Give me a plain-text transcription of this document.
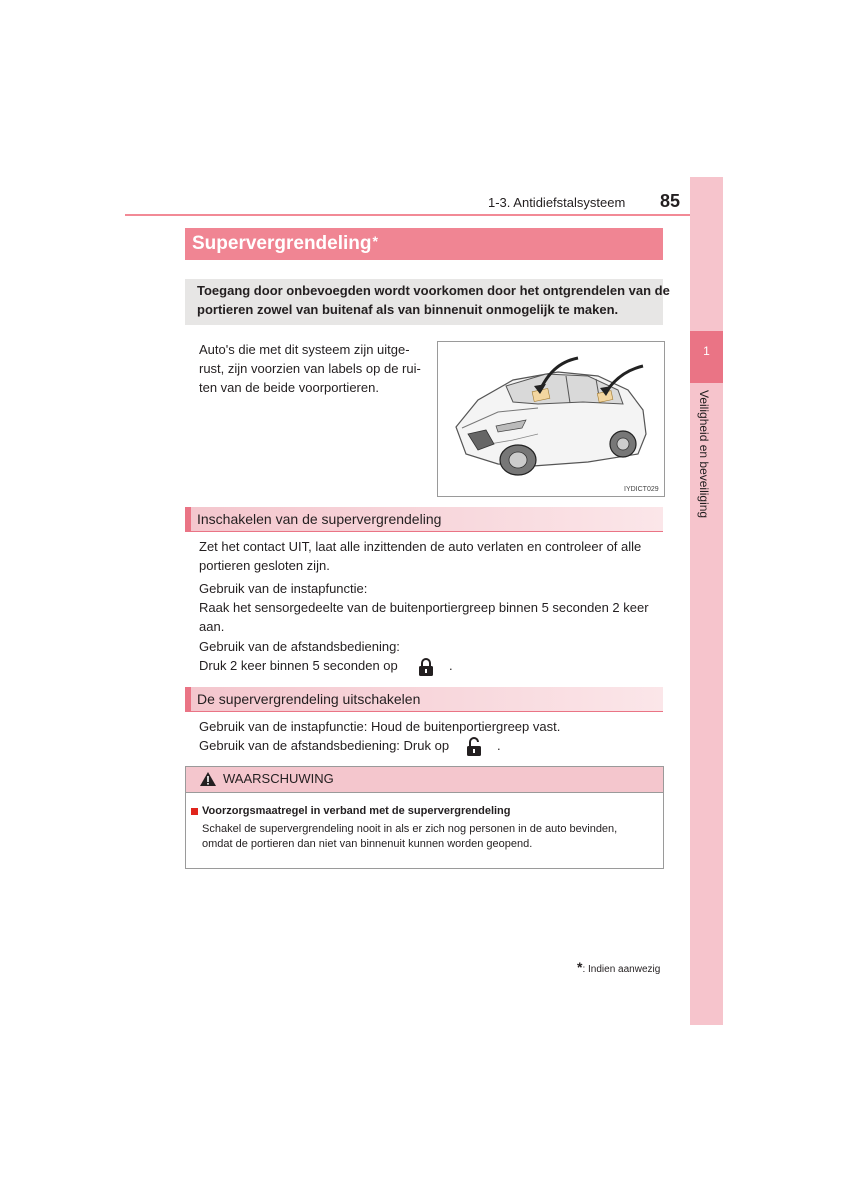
1-3. Antidiefstalsysteem 85
1
Veiligheid en beveiliging
Supervergrendeling*
Toegang door onbevoegden wordt voorkomen door het ontgrendelen van de
portieren zowel van buitenaf als van binnenuit onmogelijk te maken.
Auto's die met dit systeem zijn uitge-
rust, zijn voorzien van labels op de rui-
ten van de beide voorportieren.
IYDICT029
Inschakelen van de supervergrendeling
Zet het contact UIT, laat alle inzittenden de auto verlaten en controleer of alle
portieren gesloten zijn.
Gebruik van de instapfunctie:
Raak het sensorgedeelte van de buitenportiergreep binnen 5 seconden 2 keer
aan.
Gebruik van de afstandsbediening:
Druk 2 keer binnen 5 seconden op	.
De supervergrendeling uitschakelen
Gebruik van de instapfunctie: Houd de buitenportiergreep vast.
Gebruik van de afstandsbediening: Druk op	.
WAARSCHUWING
Voorzorgsmaatregel in verband met de supervergrendeling
Schakel de supervergrendeling nooit in als er zich nog personen in de auto bevinden,
omdat de portieren dan niet van binnenuit kunnen worden geopend.
*: Indien aanwezig
